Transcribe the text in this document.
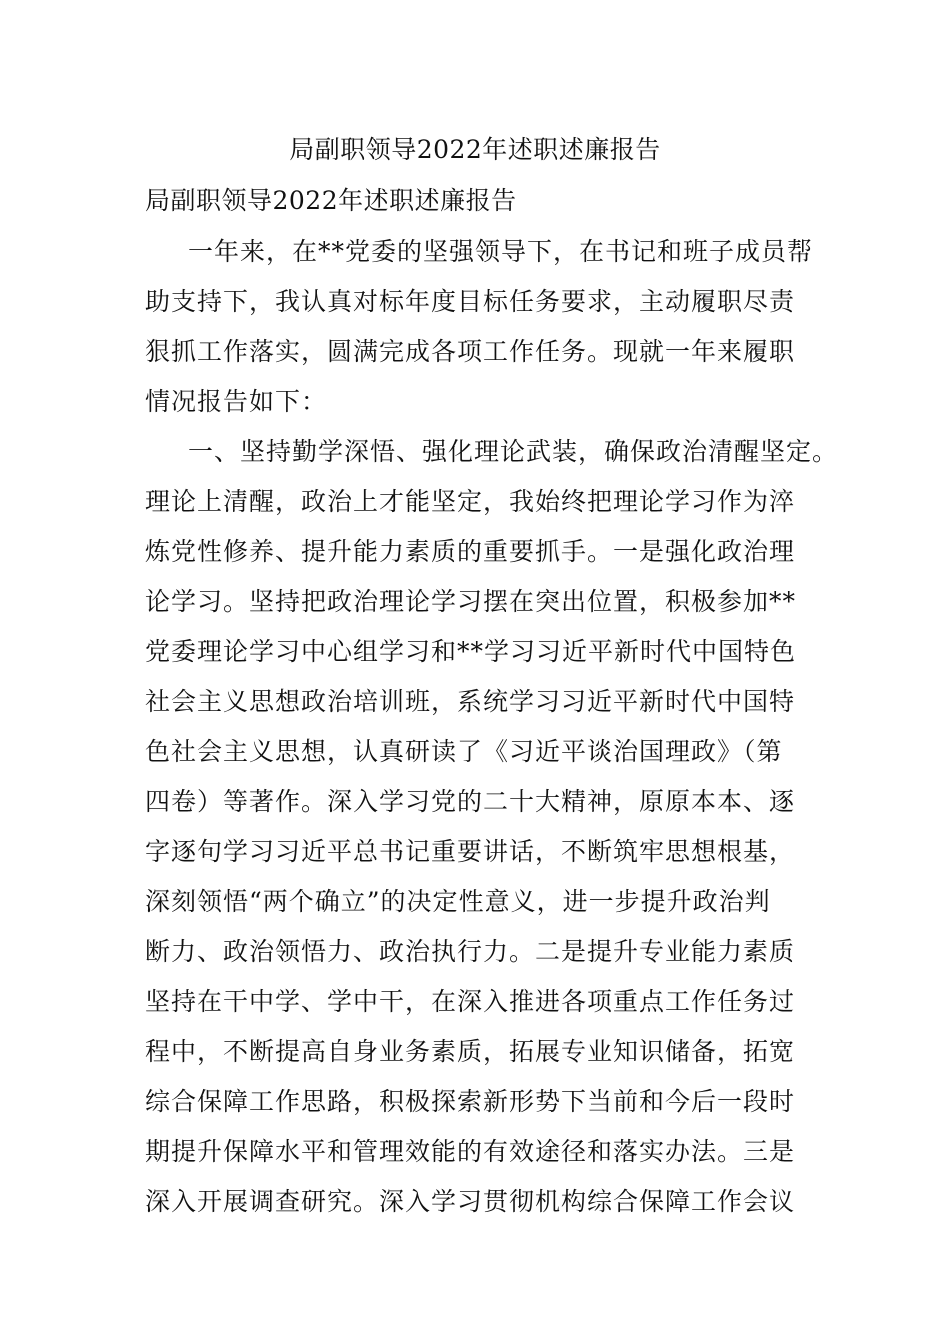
局副职领导2022年述职述廉报告
局副职领导2022年述职述廉报告
一年来，在**党委的坚强领导下，在书记和班子成员帮
助支持下，我认真对标年度目标任务要求，主动履职尽责
狠抓工作落实，圆满完成各项工作任务。现就一年来履职
情况报告如下：
一、坚持勤学深悟、强化理论武装，确保政治清醒坚定。
理论上清醒，政治上才能坚定，我始终把理论学习作为淬
炼党性修养、提升能力素质的重要抓手。一是强化政治理
论学习。坚持把政治理论学习摆在突出位置，积极参加**
党委理论学习中心组学习和**学习习近平新时代中国特色
社会主义思想政治培训班，系统学习习近平新时代中国特
色社会主义思想，认真研读了《习近平谈治国理政》（第
四卷）等著作。深入学习党的二十大精神，原原本本、逐
字逐句学习习近平总书记重要讲话，不断筑牢思想根基，
深刻领悟“两个确立”的决定性意义，进一步提升政治判
断力、政治领悟力、政治执行力。二是提升专业能力素质
坚持在干中学、学中干，在深入推进各项重点工作任务过
程中，不断提高自身业务素质，拓展专业知识储备，拓宽
综合保障工作思路，积极探索新形势下当前和今后一段时
期提升保障水平和管理效能的有效途径和落实办法。三是
深入开展调查研究。深入学习贯彻机构综合保障工作会议
